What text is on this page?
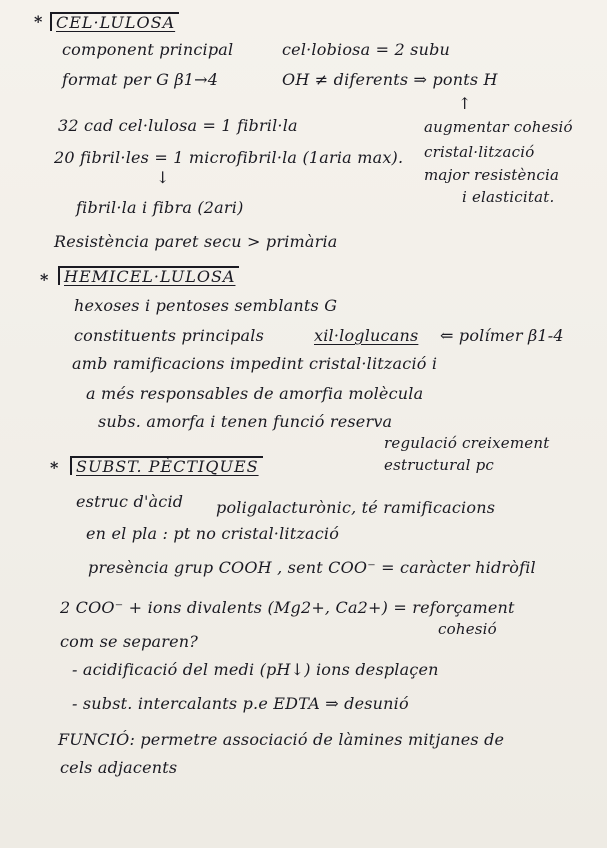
* CEL·LULOSA
component principal	cel·lobiosa = 2 subu
format per G β1→4	OH ≠ diferents ⇒ ponts H
↑
32 cad cel·lulosa = 1 fibril·la	augmentar cohesió
20 fibril·les = 1 microfibril·la (1aria max). cristal·lització
↓	major resistència
fibril·la i fibra (2ari)
i elasticitat.
Resistència paret secu > primària
* HEMICEL·LULOSA
hexoses i pentoses semblants G
constituents principals	xil·loglucans ⇐ polímer β1-4
amb ramificacions impedint cristal·lització i
a més responsables de amorfia molècula
subs. amorfa i tenen funció reserva
regulació creixement
estructural pc
*	SUBST. PÈCTIQUES
estruc d'àcid poligalacturònic, té ramificacions
en el pla : pt no cristal·lització
presència grup COOH , sent COO⁻ = caràcter hidròfil
2 COO⁻ + ions divalents (Mg2+, Ca2+) = reforçament
cohesió
com se separen?
- acidificació del medi (pH↓) ions desplaçen
- subst. intercalants p.e EDTA ⇒ desunió
FUNCIÓ: permetre associació de làmines mitjanes de
cels adjacents
